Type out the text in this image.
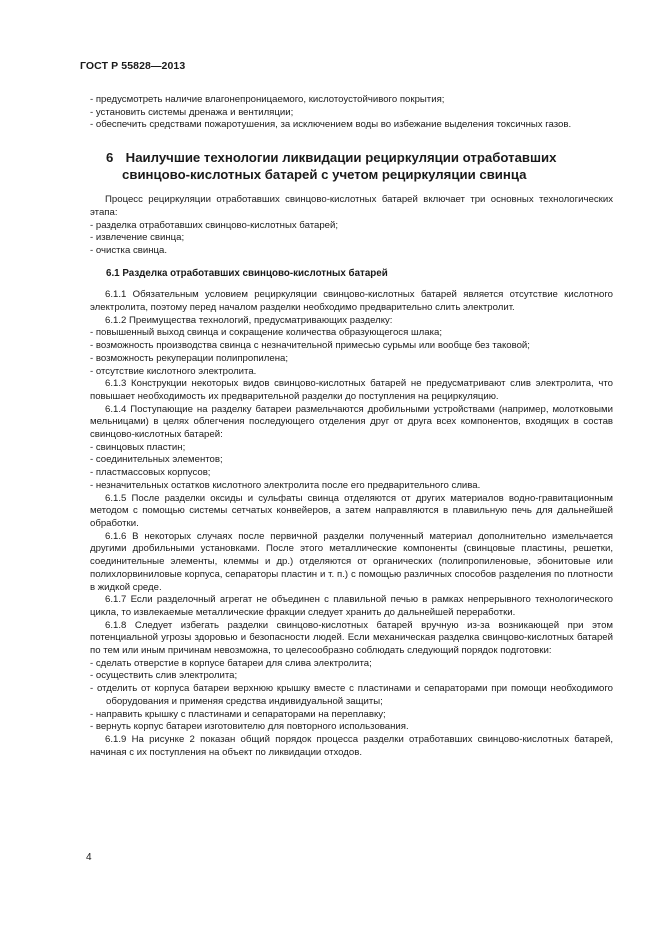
ГОСТ Р 55828—2013

- предусмотреть наличие влагонепроницаемого, кислотоустойчивого покрытия;

- установить системы дренажа и вентиляции;

- обеспечить средствами пожаротушения, за исключением воды во избежание выделения токсичных газов.

6 Наилучшие технологии ликвидации рециркуляции отработавших свинцово-кислотных батарей с учетом рециркуляции свинца

Процесс рециркуляции отработавших свинцово-кислотных батарей включает три основных технологических этапа:

- разделка отработавших свинцово-кислотных батарей;

- извлечение свинца;

- очистка свинца.

6.1 Разделка отработавших свинцово-кислотных батарей

6.1.1 Обязательным условием рециркуляции свинцово-кислотных батарей является отсутствие кислотного электролита, поэтому перед началом разделки необходимо предварительно слить электролит.

6.1.2 Преимущества технологий, предусматривающих разделку:

- повышенный выход свинца и сокращение количества образующегося шлака;

- возможность производства свинца с незначительной примесью сурьмы или вообще без таковой;

- возможность рекуперации полипропилена;

- отсутствие кислотного электролита.

6.1.3 Конструкции некоторых видов свинцово-кислотных батарей не предусматривают слив электролита, что повышает необходимость их предварительной разделки до поступления на рециркуляцию.

6.1.4 Поступающие на разделку батареи размельчаются дробильными устройствами (например, молотковыми мельницами) в целях облегчения последующего отделения друг от друга всех компонентов, входящих в состав свинцово-кислотных батарей:

- свинцовых пластин;

- соединительных элементов;

- пластмассовых корпусов;

- незначительных остатков кислотного электролита после его предварительного слива.

6.1.5 После разделки оксиды и сульфаты свинца отделяются от других материалов водно-гравитационным методом с помощью системы сетчатых конвейеров, а затем направляются в плавильную печь для дальнейшей обработки.

6.1.6 В некоторых случаях после первичной разделки полученный материал дополнительно измельчается другими дробильными установками. После этого металлические компоненты (свинцовые пластины, решетки, соединительные элементы, клеммы и др.) отделяются от органических (полипропиленовые, эбонитовые или полихлорвиниловые корпуса, сепараторы пластин и т. п.) с помощью различных способов разделения по плотности в жидкой среде.

6.1.7 Если разделочный агрегат не объединен с плавильной печью в рамках непрерывного технологического цикла, то извлекаемые металлические фракции следует хранить до дальнейшей переработки.

6.1.8 Следует избегать разделки свинцово-кислотных батарей вручную из-за возникающей при этом потенциальной угрозы здоровью и безопасности людей. Если механическая разделка свинцово-кислотных батарей по тем или иным причинам невозможна, то целесообразно соблюдать следующий порядок подготовки:

- сделать отверстие в корпусе батареи для слива электролита;

- осуществить слив электролита;

- отделить от корпуса батареи верхнюю крышку вместе с пластинами и сепараторами при помощи необходимого оборудования и применяя средства индивидуальной защиты;

- направить крышку с пластинами и сепараторами на переплавку;

- вернуть корпус батареи изготовителю для повторного использования.

6.1.9 На рисунке 2 показан общий порядок процесса разделки отработавших свинцово-кислотных батарей, начиная с их поступления на объект по ликвидации отходов.

4
